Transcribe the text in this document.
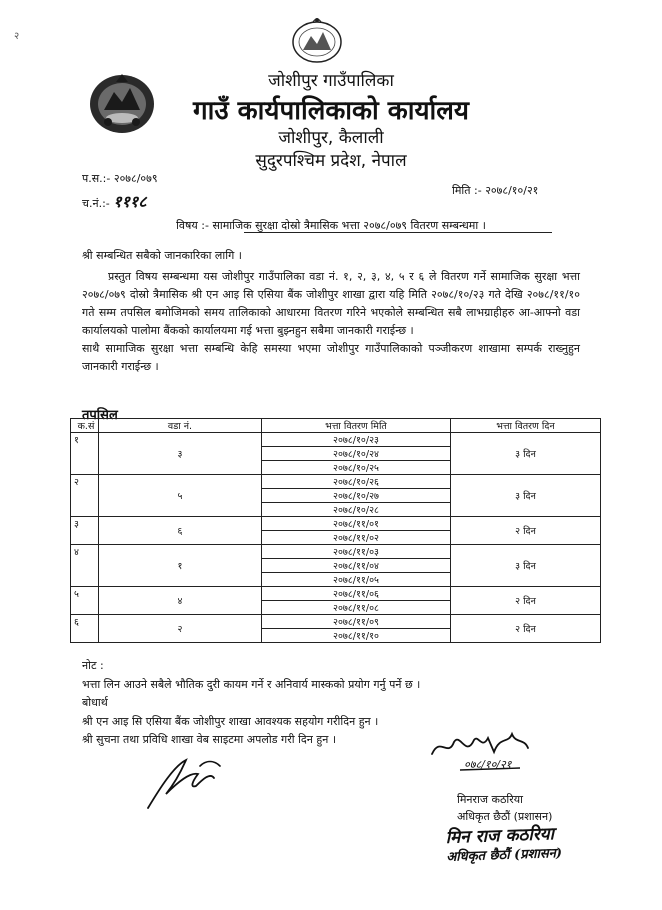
२
जोशीपुर गाउँपालिका
गाउँ कार्यपालिकाको कार्यालय
जोशीपुर, कैलाली
सुदुरपश्चिम प्रदेश, नेपाल
प.स.:- २०७८/०७९
च.नं.:- १११८
मिति :- २०७८/१०/२१
विषय :- सामाजिक सुरक्षा दोस्रो त्रैमासिक भत्ता २०७८/०७९ वितरण सम्बन्धमा ।
श्री सम्बन्धित सबैको जानकारिका लागि ।

प्रस्तुत विषय सम्बन्धमा यस जोशीपुर गाउँपालिका वडा नं. १, २, ३, ४, ५ र ६ ले वितरण गर्ने सामाजिक सुरक्षा भत्ता २०७८/०७९ दोस्रो त्रैमासिक श्री एन आइ सि एसिया बैंक जोशीपुर शाखा द्वारा यहि मिति २०७८/१०/२३ गते देखि २०७८/११/१० गते सम्म तपसिल बमोजिमको समय तालिकाको आधारमा वितरण गरिने भएकोले सम्बन्धित सबै लाभग्राहीहरु आ-आफ्नो वडा कार्यालयको पालोमा बैंकको कार्यालयमा गई भत्ता बुझ्नहुन सबैमा जानकारी गराईन्छ ।

साथै सामाजिक सुरक्षा भत्ता सम्बन्धि केहि समस्या भएमा जोशीपुर गाउँपालिकाको पञ्जीकरण शाखामा सम्पर्क राख्नुहुन जानकारी गराईन्छ ।

तपसिल
क.सं	वडा नं.	भत्ता वितरण मिति	भत्ता वितरण दिन
१	३	२०७८/१०/२३	३ दिन
		२०७८/१०/२४	
		२०७८/१०/२५	
२	५	२०७८/१०/२६	३ दिन
		२०७८/१०/२७	
		२०७८/१०/२८	
३	६	२०७८/११/०१	२ दिन
		२०७८/११/०२	
४	१	२०७८/११/०३	३ दिन
		२०७८/११/०४	
		२०७८/११/०५	
५	४	२०७८/११/०६	२ दिन
		२०७८/११/०८	
६	२	२०७८/११/०९	२ दिन
		२०७८/११/१०	
नोट :
भत्ता लिन आउने सबैले भौतिक दुरी कायम गर्ने र अनिवार्य मास्कको प्रयोग गर्नु पर्ने छ ।
बोधार्थ
श्री एन आइ सि एसिया बैंक जोशीपुर शाखा आवश्यक सहयोग गरीदिन हुन ।
श्री सुचना तथा प्रविधि शाखा वेब साइटमा अपलोड गरी दिन हुन ।
०७८/१०/२१
मिनराज कठरिया
अधिकृत छैठौं (प्रशासन)
मिन राज कठरिया
अधिकृत छैठौं (प्रशासन)
